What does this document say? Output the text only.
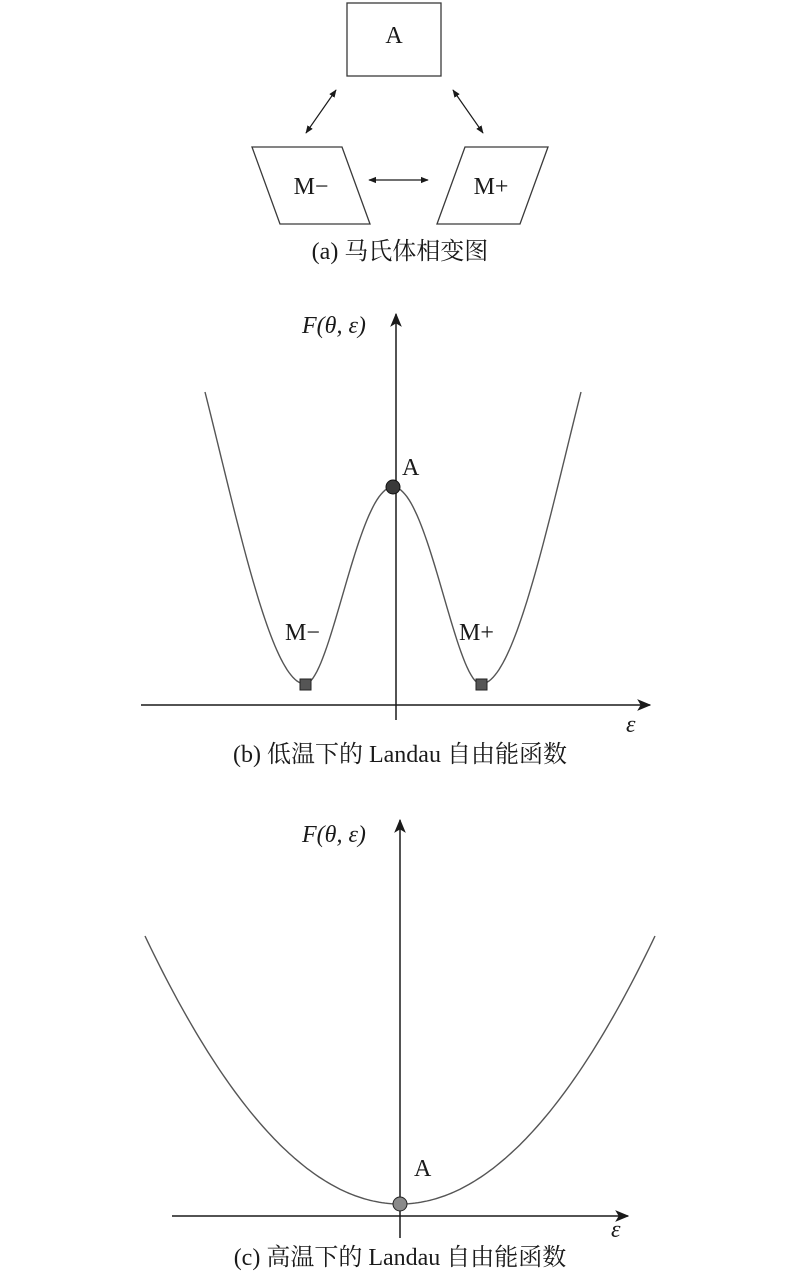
A
M−	M+
(a) 马氏体相变图
F(θ, ε)
ε
A
M−	M+
(b) 低温下的 Landau 自由能函数
F(θ, ε)
ε
A
(c) 高温下的 Landau 自由能函数
